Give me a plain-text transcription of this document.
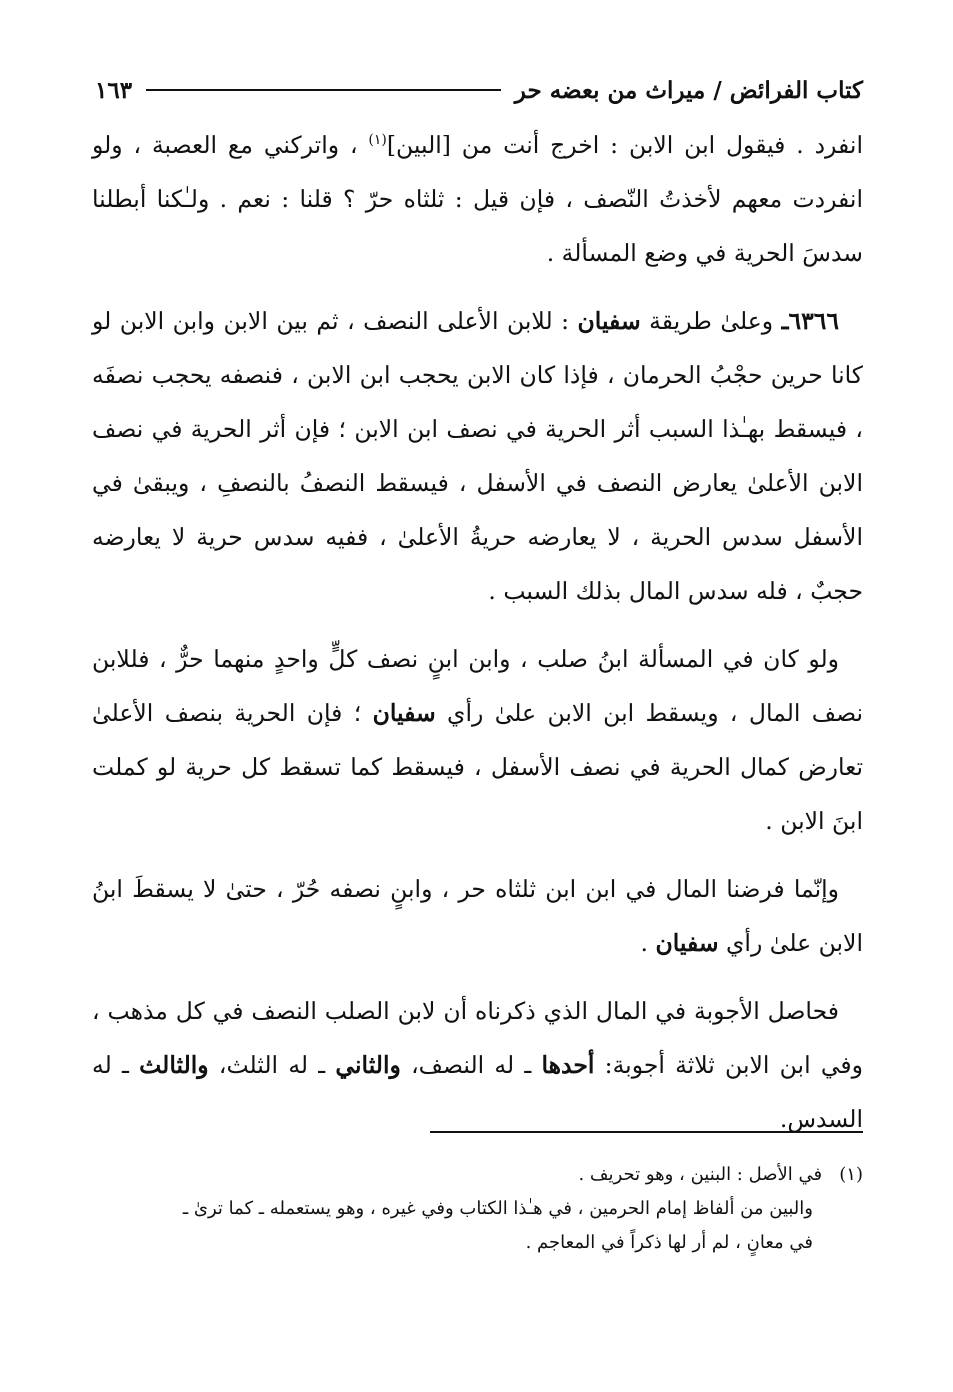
كتاب الفرائض / ميراث من بعضه حر
١٦٣

انفرد . فيقول ابن الابن : اخرج أنت من [البين]$^{(١)}$ ، واتركني مع العصبة ، ولو انفردت معهم لأخذتُ النّصف ، فإن قيل : ثلثاه حرّ ؟ قلنا : نعم . ولـٰكنا أبطلنا سدسَ الحرية في وضع المسألة .

٦٣٦٦ـ وعلىٰ طريقة سفيان : للابن الأعلى النصف ، ثم بين الابن وابن الابن لو كانا حرين حجْبُ الحرمان ، فإذا كان الابن يحجب ابن الابن ، فنصفه يحجب نصفَه ، فيسقط بهـٰذا السبب أثر الحرية في نصف ابن الابن ؛ فإن أثر الحرية في نصف الابن الأعلىٰ يعارض النصف في الأسفل ، فيسقط النصفُ بالنصفِ ، ويبقىٰ في الأسفل سدس الحرية ، لا يعارضه حريةُ الأعلىٰ ، ففيه سدس حرية لا يعارضه حجبٌ ، فله سدس المال بذلك السبب .

ولو كان في المسألة ابنُ صلب ، وابن ابنٍ نصف كلٍّ واحدٍ منهما حرٌّ ، فللابن نصف المال ، ويسقط ابن الابن علىٰ رأي سفيان ؛ فإن الحرية بنصف الأعلىٰ تعارض كمال الحرية في نصف الأسفل ، فيسقط كما تسقط كل حرية لو كملت ابنَ الابن .

وإنّما فرضنا المال في ابن ابن ثلثاه حر ، وابنٍ نصفه حُرّ ، حتىٰ لا يسقطَ ابنُ الابن علىٰ رأي سفيان .

فحاصل الأجوبة في المال الذي ذكرناه أن لابن الصلب النصف في كل مذهب ، وفي ابن الابن ثلاثة أجوبة: أحدها ـ له النصف، والثاني ـ له الثلث، والثالث ـ له السدس.

(١)   في الأصل : البنين ، وهو تحريف .
والبين من ألفاظ إمام الحرمين ، في هـٰذا الكتاب وفي غيره ، وهو يستعمله ـ كما ترىٰ ـ
في معانٍ ، لم أر لها ذكراً في المعاجم .
